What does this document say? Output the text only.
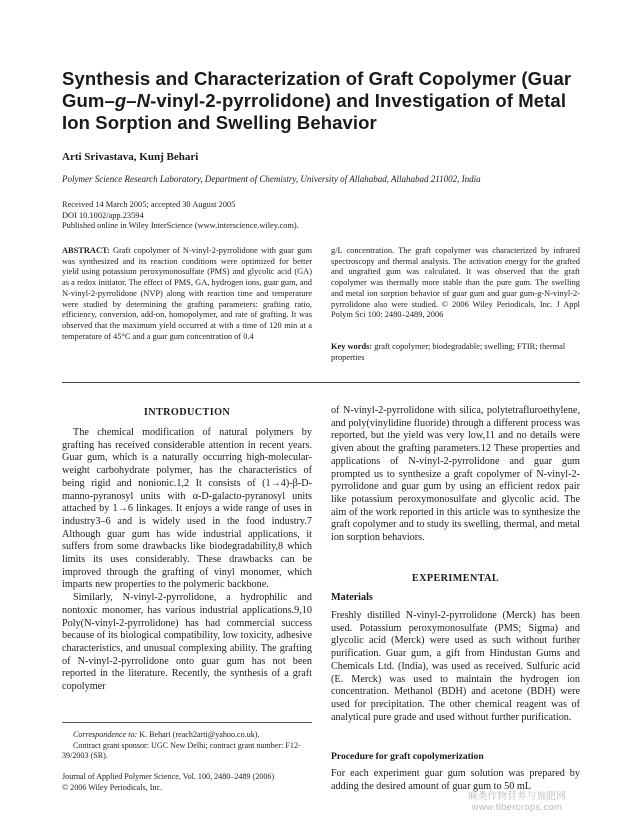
Synthesis and Characterization of Graft Copolymer (Guar
Gum–g–N-vinyl-2-pyrrolidone) and Investigation of Metal
Ion Sorption and Swelling Behavior
Arti Srivastava, Kunj Behari
Polymer Science Research Laboratory, Department of Chemistry, University of Allahabad, Allahabad 211002, India
Received 14 March 2005; accepted 30 August 2005
DOI 10.1002/app.23594
Published online in Wiley InterScience (www.interscience.wiley.com).
ABSTRACT: Graft copolymer of N-vinyl-2-pyrrolidone with guar gum was synthesized and its reaction conditions were optimized for better yield using potassium peroxymonosulfate (PMS) and glycolic acid (GA) as a redox initiator. The effect of PMS, GA, hydrogen ions, guar gum, and N-vinyl-2-pyrrolidone (NVP) along with reaction time and temperature were studied by determining the grafting parameters: grafting ratio, efficiency, conversion, add-on, homopolymer, and rate of grafting. It was observed that the maximum yield occurred at with a time of 120 min at a temperature of 45°C and a guar gum concentration of 0.4
g/L concentration. The graft copolymer was characterized by infrared spectroscopy and thermal analysis. The activation energy for the grafted and ungrafted gum was calculated. It was observed that the graft copolymer was thermally more stable than the pure gum. The swelling and metal ion sorption behavior of guar gum and guar gum-g-N-vinyl-2-pyrrolidone also were studied. © 2006 Wiley Periodicals, Inc. J Appl Polym Sci 100: 2480–2489, 2006
Key words: graft copolymer; biodegradable; swelling; FTIR; thermal properties
INTRODUCTION

The chemical modification of natural polymers by grafting has received considerable attention in recent years. Guar gum, which is a naturally occurring high-molecular-weight carbohydrate polymer, has the characteristics of being rigid and nonionic.1,2 It consists of (1→4)-β-D-manno-pyranosyl units with α-D-galacto-pyranosyl units attached by 1→6 linkages. It enjoys a wide range of uses in industry3–6 and is widely used in the food industry.7 Although guar gum has wide industrial applications, it suffers from some drawbacks like biodegradability,8 which limits its uses considerably. These drawbacks can be improved through the grafting of vinyl monomer, which imparts new properties to the polymeric backbone.

Similarly, N-vinyl-2-pyrrolidone, a hydrophilic and nontoxic monomer, has various industrial applications.9,10 Poly(N-vinyl-2-pyrrolidone) has had commercial success because of its biological compatibility, low toxicity, adhesive characteristics, and unusual complexing ability. The grafting of N-vinyl-2-pyrrolidone onto guar gum has not been reported in the literature. Recently, the synthesis of a graft copolymer

Correspondence to: K. Behari (reach2arti@yahoo.co.uk).

Contract grant sponsor: UGC New Delhi; contract grant number: F12-39/2003 (SR).

Journal of Applied Polymer Science, Vol. 100, 2480–2489 (2006)
© 2006 Wiley Periodicals, Inc.
of N-vinyl-2-pyrrolidone with silica, polytetrafluroethylene, and poly(vinylidine fluoride) through a different process was reported, but the yield was very low,11 and no details were given about the grafting parameters.12 These properties and applications of N-vinyl-2-pyrrolidone and guar gum prompted us to synthesize a graft copolymer of N-vinyl-2-pyrrolidone and guar gum by using an efficient redox pair like potassium peroxymonosulfate and glycolic acid. The aim of the work reported in this article was to synthesize the graft copolymer and to study its swelling, thermal, and metal ion sorption behaviors.
EXPERIMENTAL
Materials
Freshly distilled N-vinyl-2-pyrrolidone (Merck) has been used. Potassium peroxymonosulfate (PMS; Sigma) and glycolic acid (Merck) were used as such without further purification. Guar gum, a gift from Hindustan Gums and Chemicals Ltd. (India), was used as received. Sulfuric acid (E. Merck) was used to maintain the hydrogen ion concentration. Methanol (BDH) and acetone (BDH) were used for precipitation. The other chemical reagent was of analytical pure grade and used without further purification.
Procedure for graft copolymerization
For each experiment guar gum solution was prepared by adding the desired amount of guar gum to 50 mL
麻类作物营养与施肥网
www.fibercrops.com
